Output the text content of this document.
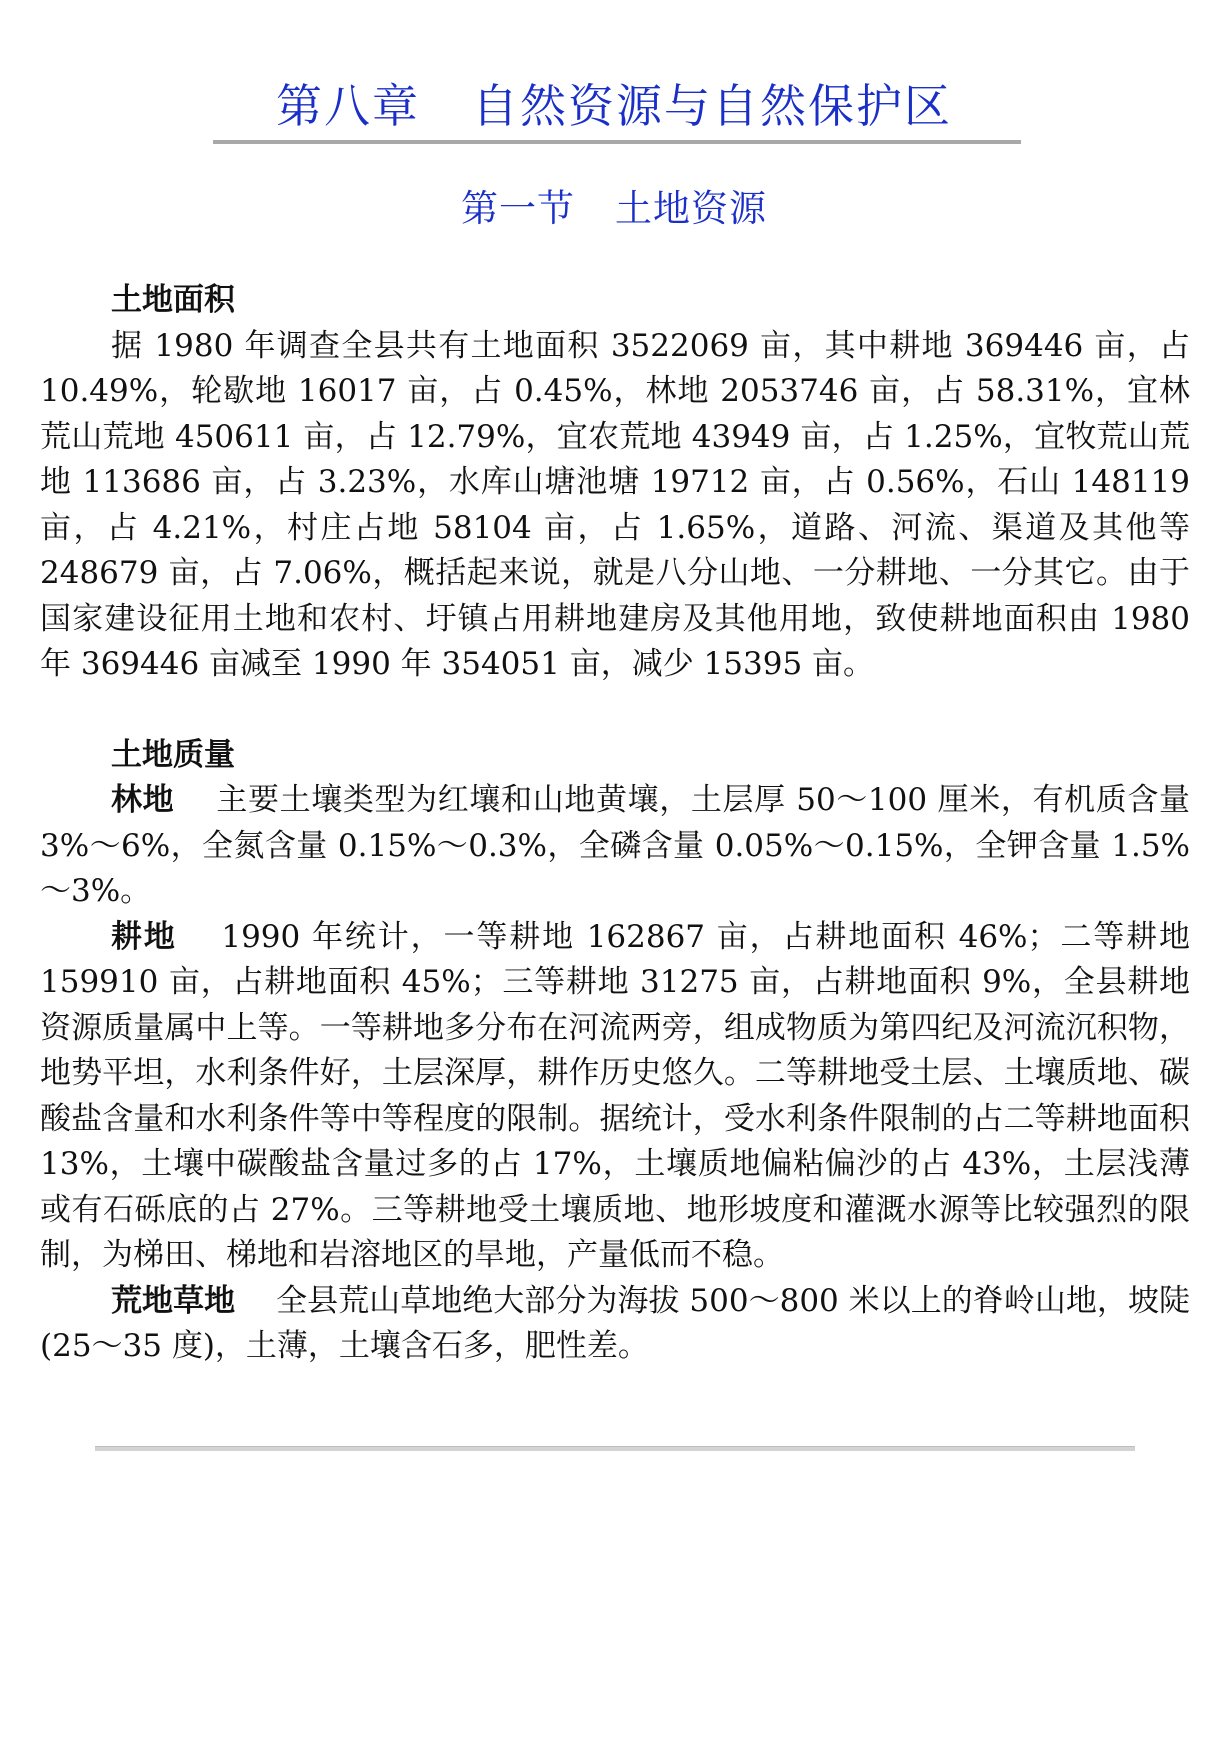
第八章 自然资源与自然保护区
第一节 土地资源

土地面积

据 1980 年调查全县共有土地面积 3522069 亩，其中耕地 369446 亩，占 10.49%，轮歇地 16017 亩，占 0.45%，林地 2053746 亩，占 58.31%，宜林荒山荒地 450611 亩，占 12.79%，宜农荒地 43949 亩，占 1.25%，宜牧荒山荒地 113686 亩，占 3.23%，水库山塘池塘 19712 亩，占 0.56%，石山 148119 亩，占 4.21%，村庄占地 58104 亩，占 1.65%，道路、河流、渠道及其他等 248679 亩，占 7.06%，概括起来说，就是八分山地、一分耕地、一分其它。由于国家建设征用土地和农村、圩镇占用耕地建房及其他用地，致使耕地面积由 1980 年 369446 亩减至 1990 年 354051 亩，减少 15395 亩。

土地质量

林地　 主要土壤类型为红壤和山地黄壤，土层厚 50～100 厘米，有机质含量 3%～6%，全氮含量 0.15%～0.3%，全磷含量 0.05%～0.15%，全钾含量 1.5%～3%。

耕地　 1990 年统计，一等耕地 162867 亩，占耕地面积 46%；二等耕地 159910 亩，占耕地面积 45%；三等耕地 31275 亩，占耕地面积 9%，全县耕地资源质量属中上等。一等耕地多分布在河流两旁，组成物质为第四纪及河流沉积物，地势平坦，水利条件好，土层深厚，耕作历史悠久。二等耕地受土层、土壤质地、碳酸盐含量和水利条件等中等程度的限制。据统计，受水利条件限制的占二等耕地面积 13%，土壤中碳酸盐含量过多的占 17%，土壤质地偏粘偏沙的占 43%，土层浅薄或有石砾底的占 27%。三等耕地受土壤质地、地形坡度和灌溉水源等比较强烈的限制，为梯田、梯地和岩溶地区的旱地，产量低而不稳。

荒地草地　 全县荒山草地绝大部分为海拔 500～800 米以上的脊岭山地，坡陡(25～35 度)，土薄，土壤含石多，肥性差。
